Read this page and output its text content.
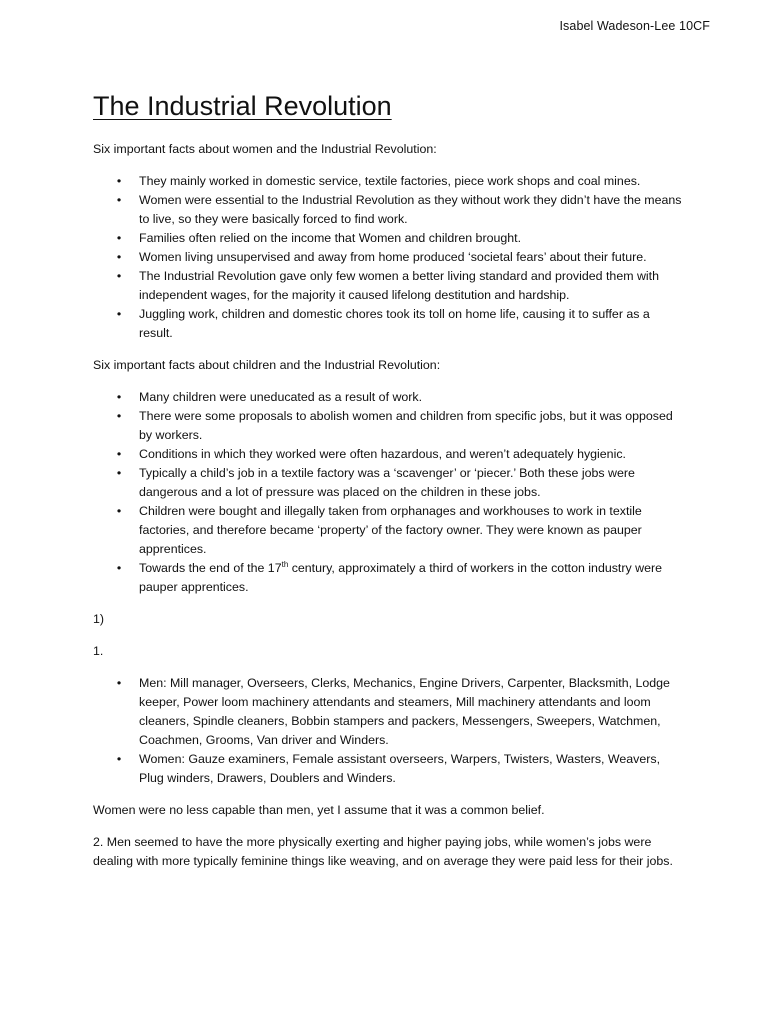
Isabel Wadeson-Lee 10CF
The Industrial Revolution

Six important facts about women and the Industrial Revolution:

• They mainly worked in domestic service, textile factories, piece work shops and coal mines.
• Women were essential to the Industrial Revolution as they without work they didn’t have the means to live, so they were basically forced to find work.
• Families often relied on the income that Women and children brought.
• Women living unsupervised and away from home produced ‘societal fears’ about their future.
• The Industrial Revolution gave only few women a better living standard and provided them with independent wages, for the majority it caused lifelong destitution and hardship.
• Juggling work, children and domestic chores took its toll on home life, causing it to suffer as a result.

Six important facts about children and the Industrial Revolution:

• Many children were uneducated as a result of work.
• There were some proposals to abolish women and children from specific jobs, but it was opposed by workers.
• Conditions in which they worked were often hazardous, and weren’t adequately hygienic.
• Typically a child’s job in a textile factory was a ‘scavenger’ or ‘piecer.’ Both these jobs were dangerous and a lot of pressure was placed on the children in these jobs.
• Children were bought and illegally taken from orphanages and workhouses to work in textile factories, and therefore became ‘property’ of the factory owner. They were known as pauper apprentices.
• Towards the end of the 17th century, approximately a third of workers in the cotton industry were pauper apprentices.

1)

1.

• Men: Mill manager, Overseers, Clerks, Mechanics, Engine Drivers, Carpenter, Blacksmith, Lodge keeper, Power loom machinery attendants and steamers, Mill machinery attendants and loom cleaners, Spindle cleaners, Bobbin stampers and packers, Messengers, Sweepers, Watchmen, Coachmen, Grooms, Van driver and Winders.
• Women: Gauze examiners, Female assistant overseers, Warpers, Twisters, Wasters, Weavers, Plug winders, Drawers, Doublers and Winders.

Women were no less capable than men, yet I assume that it was a common belief.

2. Men seemed to have the more physically exerting and higher paying jobs, while women’s jobs were dealing with more typically feminine things like weaving, and on average they were paid less for their jobs.
